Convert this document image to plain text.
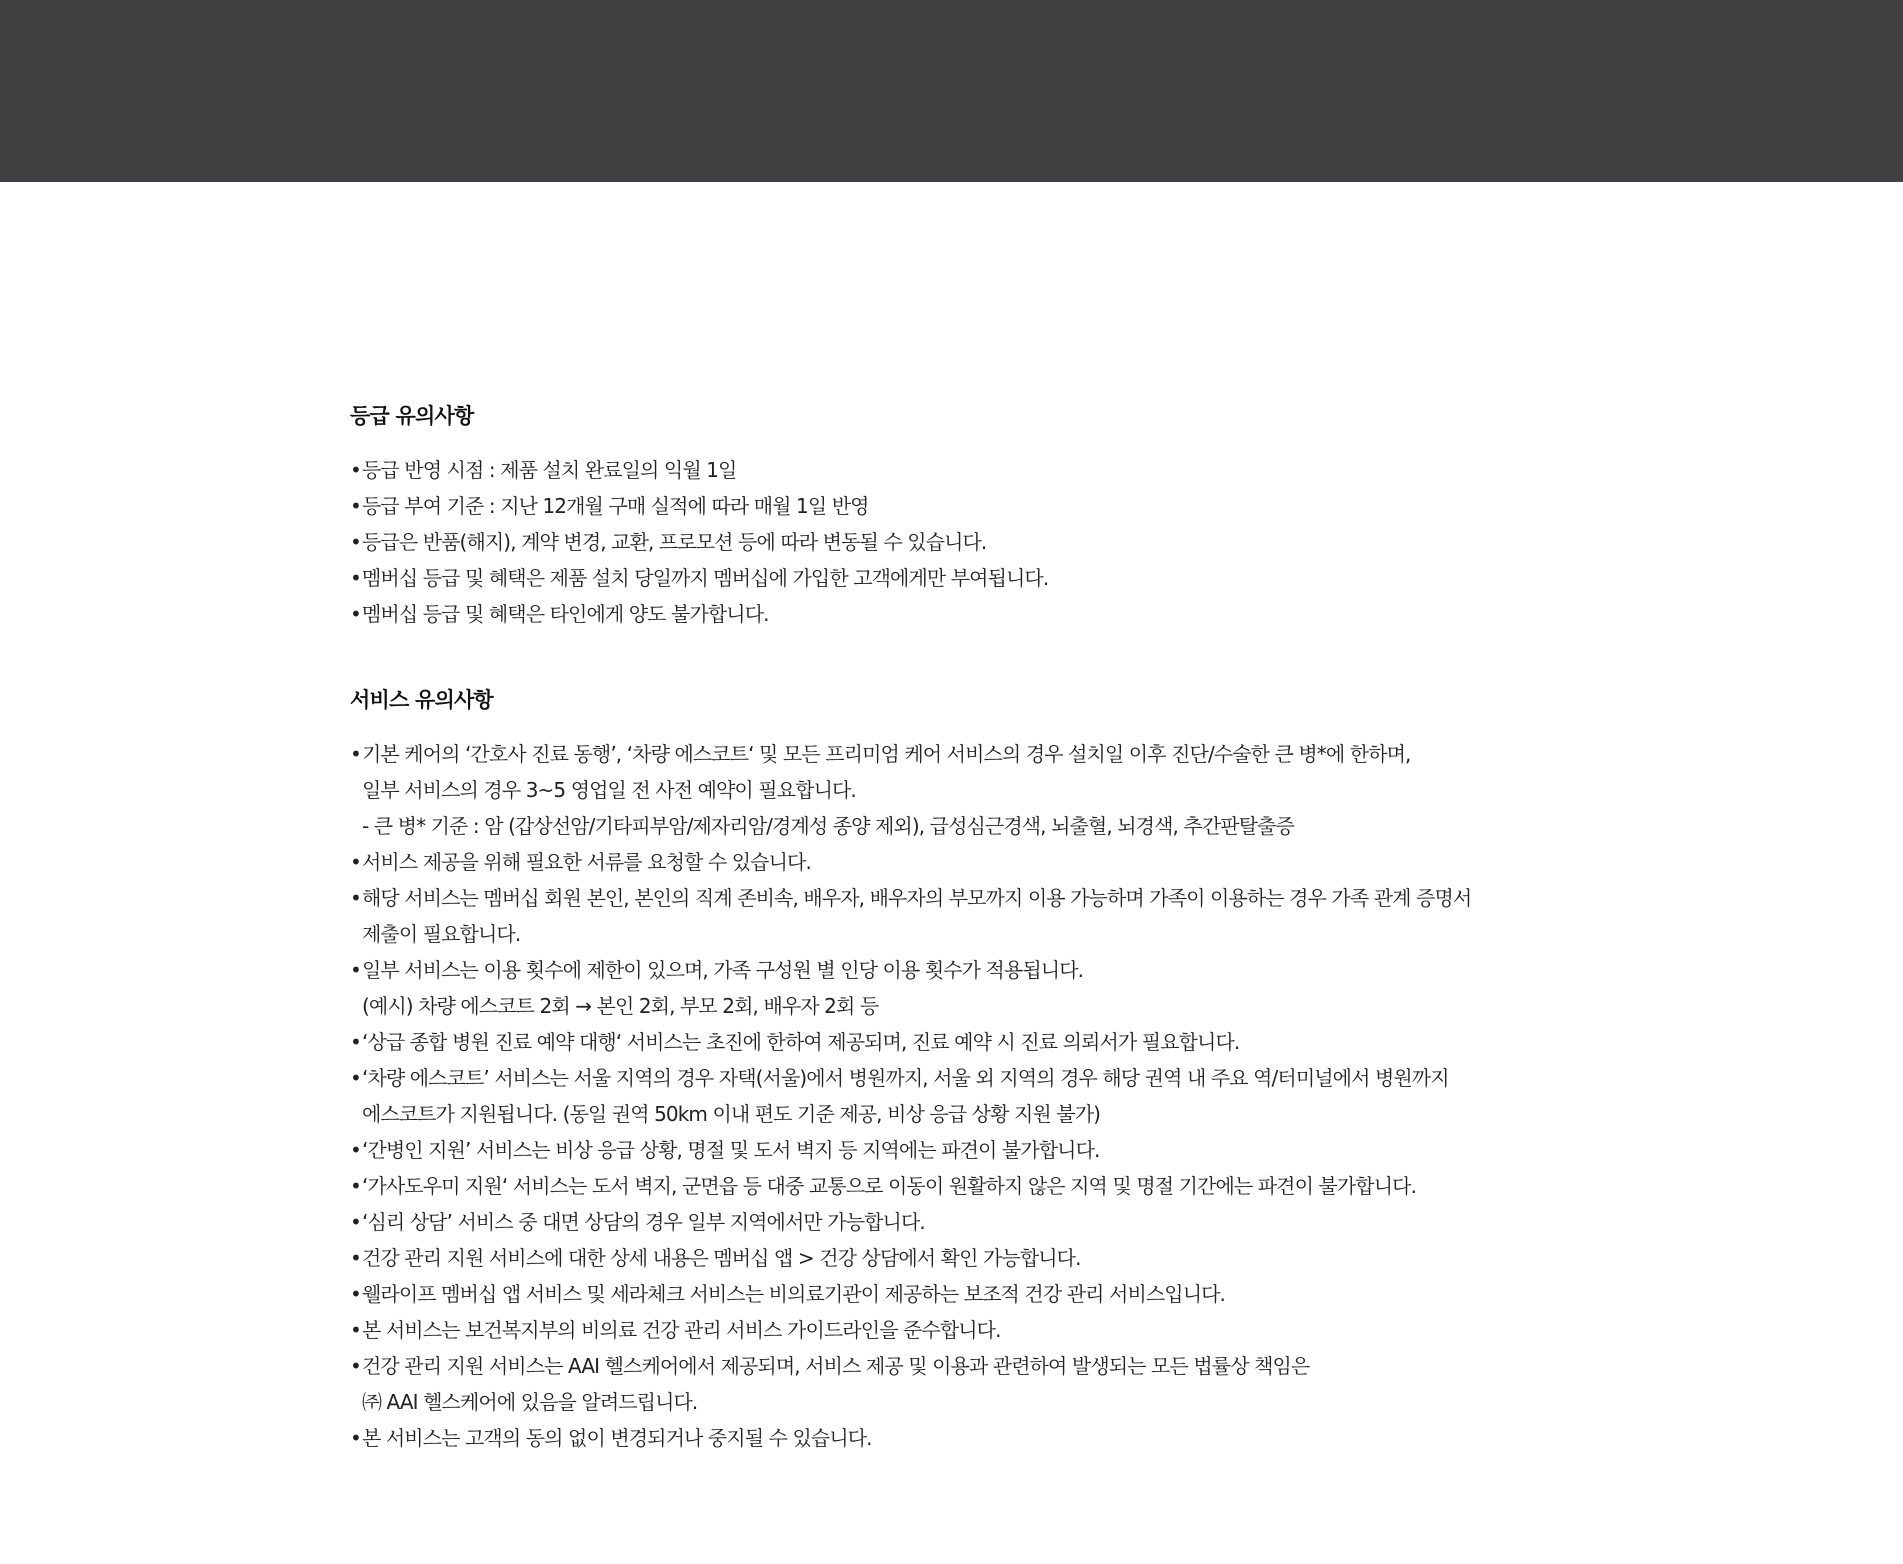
등급 유의사항
• 등급 반영 시점 : 제품 설치 완료일의 익월 1일
• 등급 부여 기준 : 지난 12개월 구매 실적에 따라 매월 1일 반영
• 등급은 반품(해지), 계약 변경, 교환, 프로모션 등에 따라 변동될 수 있습니다.
• 멤버십 등급 및 혜택은 제품 설치 당일까지 멤버십에 가입한 고객에게만 부여됩니다.
• 멤버십 등급 및 혜택은 타인에게 양도 불가합니다.
서비스 유의사항
• 기본 케어의 ‘간호사 진료 동행’, ‘차량 에스코트‘ 및 모든 프리미엄 케어 서비스의 경우 설치일 이후 진단/수술한 큰 병*에 한하며,
일부 서비스의 경우 3~5 영업일 전 사전 예약이 필요합니다.
- 큰 병* 기준 : 암 (갑상선암/기타피부암/제자리암/경계성 종양 제외), 급성심근경색, 뇌출혈, 뇌경색, 추간판탈출증
• 서비스 제공을 위해 필요한 서류를 요청할 수 있습니다.
• 해당 서비스는 멤버십 회원 본인, 본인의 직계 존비속, 배우자, 배우자의 부모까지 이용 가능하며 가족이 이용하는 경우 가족 관계 증명서
제출이 필요합니다.
• 일부 서비스는 이용 횟수에 제한이 있으며, 가족 구성원 별 인당 이용 횟수가 적용됩니다.
(예시) 차량 에스코트 2회 → 본인 2회, 부모 2회, 배우자 2회 등
• ‘상급 종합 병원 진료 예약 대행‘ 서비스는 초진에 한하여 제공되며, 진료 예약 시 진료 의뢰서가 필요합니다.
• ‘차량 에스코트’ 서비스는 서울 지역의 경우 자택(서울)에서 병원까지, 서울 외 지역의 경우 해당 권역 내 주요 역/터미널에서 병원까지
에스코트가 지원됩니다. (동일 권역 50km 이내 편도 기준 제공, 비상 응급 상황 지원 불가)
• ‘간병인 지원’ 서비스는 비상 응급 상황, 명절 및 도서 벽지 등 지역에는 파견이 불가합니다.
• ‘가사도우미 지원‘ 서비스는 도서 벽지, 군면읍 등 대중 교통으로 이동이 원활하지 않은 지역 및 명절 기간에는 파견이 불가합니다.
• ‘심리 상담’ 서비스 중 대면 상담의 경우 일부 지역에서만 가능합니다.
• 건강 관리 지원 서비스에 대한 상세 내용은 멤버십 앱 > 건강 상담에서 확인 가능합니다.
• 웰라이프 멤버십 앱 서비스 및 세라체크 서비스는 비의료기관이 제공하는 보조적 건강 관리 서비스입니다.
• 본 서비스는 보건복지부의 비의료 건강 관리 서비스 가이드라인을 준수합니다.
• 건강 관리 지원 서비스는 AAI 헬스케어에서 제공되며, 서비스 제공 및 이용과 관련하여 발생되는 모든 법률상 책임은
㈜ AAI 헬스케어에 있음을 알려드립니다.
• 본 서비스는 고객의 동의 없이 변경되거나 중지될 수 있습니다.
